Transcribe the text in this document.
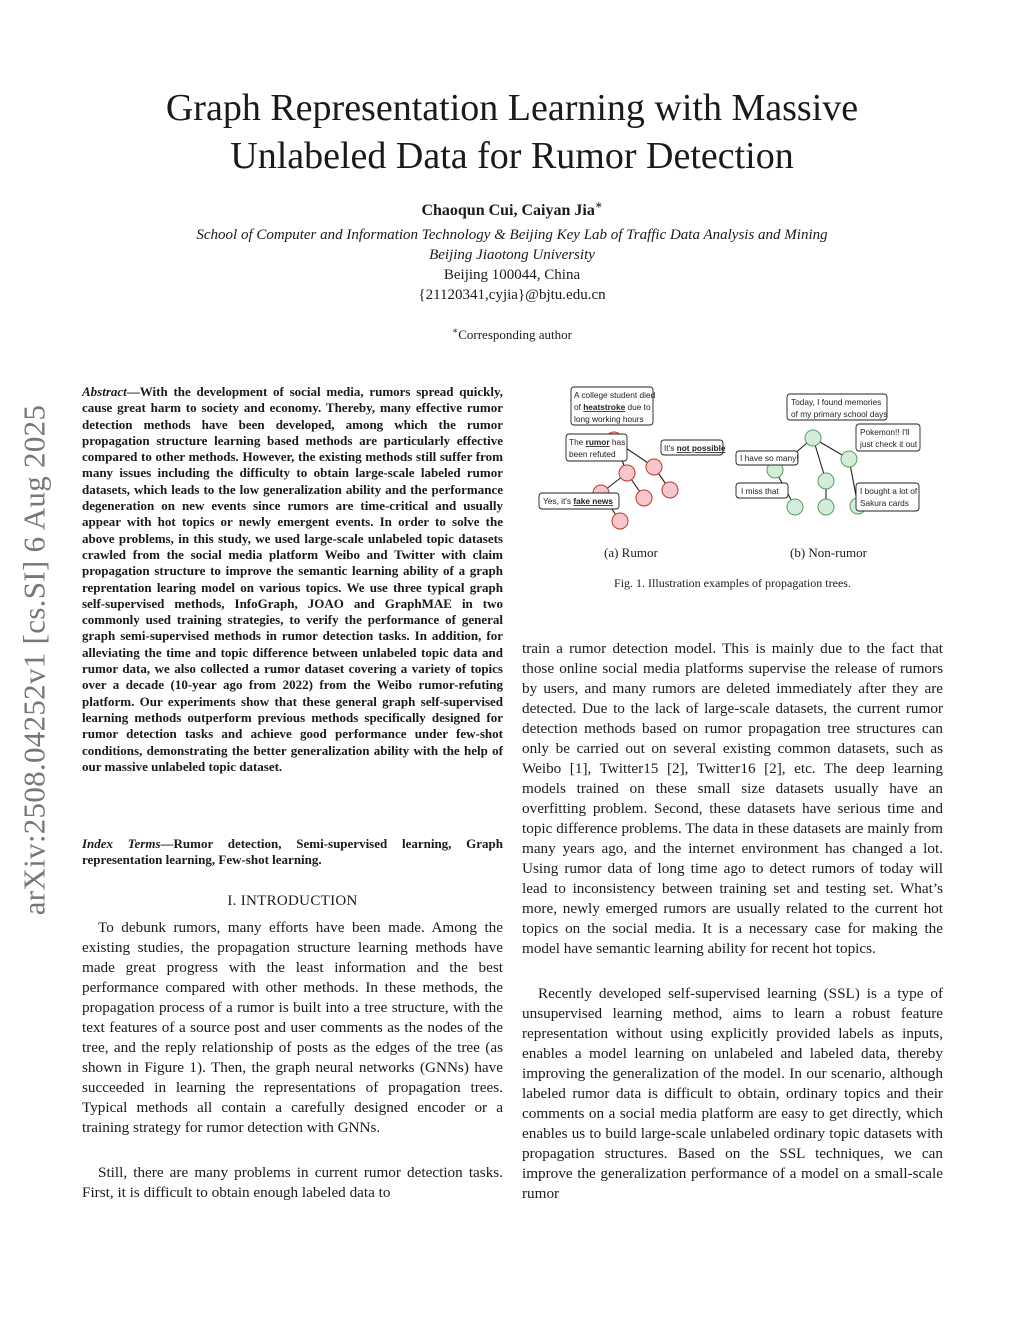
arXiv:2508.04252v1 [cs.SI] 6 Aug 2025
Graph Representation Learning with Massive
Unlabeled Data for Rumor Detection
Chaoqun Cui, Caiyan Jia∗
School of Computer and Information Technology & Beijing Key Lab of Traffic Data Analysis and Mining
Beijing Jiaotong University
Beijing 100044, China
{21120341,cyjia}@bjtu.edu.cn
∗Corresponding author

Abstract—With the development of social media, rumors spread quickly, cause great harm to society and economy. Thereby, many effective rumor detection methods have been developed, among which the rumor propagation structure learning based methods are particularly effective compared to other methods. However, the existing methods still suffer from many issues including the difficulty to obtain large-scale labeled rumor datasets, which leads to the low generalization ability and the performance degeneration on new events since rumors are time-critical and usually appear with hot topics or newly emergent events. In order to solve the above problems, in this study, we used large-scale unlabeled topic datasets crawled from the social media platform Weibo and Twitter with claim propagation structure to improve the semantic learning ability of a graph reprentation learing model on various topics. We use three typical graph self-supervised methods, InfoGraph, JOAO and GraphMAE in two commonly used training strategies, to verify the performance of general graph semi-supervised methods in rumor detection tasks. In addition, for alleviating the time and topic difference between unlabeled topic data and rumor data, we also collected a rumor dataset covering a variety of topics over a decade (10-year ago from 2022) from the Weibo rumor-refuting platform. Our experiments show that these general graph self-supervised learning methods outperform previous methods specifically designed for rumor detection tasks and achieve good performance under few-shot conditions, demonstrating the better generalization ability with the help of our massive unlabeled topic dataset.

Index Terms—Rumor detection, Semi-supervised learning, Graph representation learning, Few-shot learning.

I. INTRODUCTION

To debunk rumors, many efforts have been made. Among the existing studies, the propagation structure learning methods have made great progress with the least information and the best performance compared with other methods. In these methods, the propagation process of a rumor is built into a tree structure, with the text features of a source post and user comments as the nodes of the tree, and the reply relationship of posts as the edges of the tree (as shown in Figure 1). Then, the graph neural networks (GNNs) have succeeded in learning the representations of propagation trees. Typical methods all contain a carefully designed encoder or a training strategy for rumor detection with GNNs.

Still, there are many problems in current rumor detection tasks. First, it is difficult to obtain enough labeled data to

A college student died
of heatstroke due to
long working hours
The rumor has
been refuted
It's not possible
Yes, it's fake news
Today, I found memories
of my primary school days
Pokemon!! I'll
just check it out
I have so many!
I miss that	I bought a lot of
Sakura cards
(a) Rumor	(b) Non-rumor
Fig. 1. Illustration examples of propagation trees.

train a rumor detection model. This is mainly due to the fact that those online social media platforms supervise the release of rumors by users, and many rumors are deleted immediately after they are detected. Due to the lack of large-scale datasets, the current rumor detection methods based on rumor propagation tree structures can only be carried out on several existing common datasets, such as Weibo [1], Twitter15 [2], Twitter16 [2], etc. The deep learning models trained on these small size datasets usually have an overfitting problem. Second, these datasets have serious time and topic difference problems. The data in these datasets are mainly from many years ago, and the internet environment has changed a lot. Using rumor data of long time ago to detect rumors of today will lead to inconsistency between training set and testing set. What’s more, newly emerged rumors are usually related to the current hot topics on the social media. It is a necessary case for making the model have semantic learning ability for recent hot topics.

Recently developed self-supervised learning (SSL) is a type of unsupervised learning method, aims to learn a robust feature representation without using explicitly provided labels as inputs, enables a model learning on unlabeled and labeled data, thereby improving the generalization of the model. In our scenario, although labeled rumor data is difficult to obtain, ordinary topics and their comments on a social media platform are easy to get directly, which enables us to build large-scale unlabeled ordinary topic datasets with propagation structures. Based on the SSL techniques, we can improve the generalization performance of a model on a small-scale rumor
